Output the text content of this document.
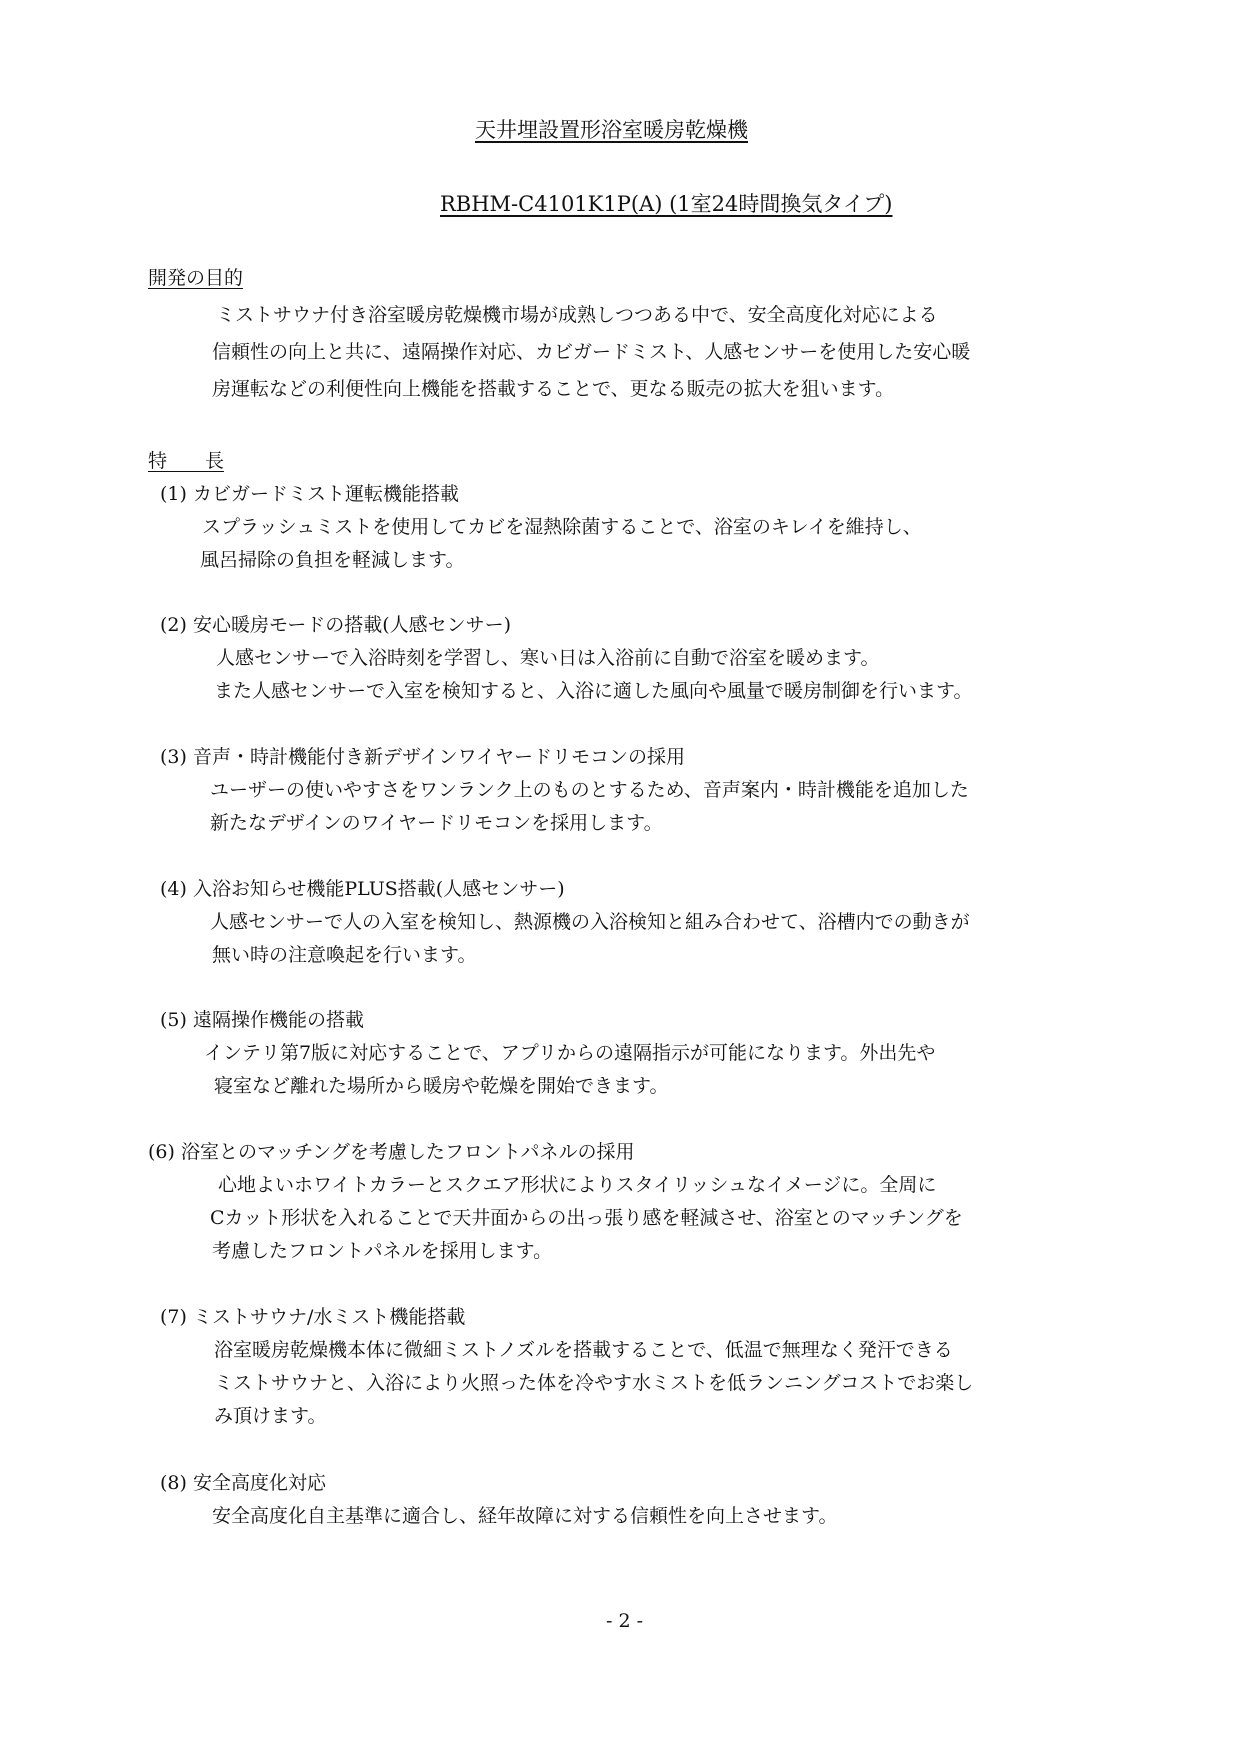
天井埋設置形浴室暖房乾燥機
RBHM-C4101K1P(A) (1室24時間換気タイプ)
開発の目的
ミストサウナ付き浴室暖房乾燥機市場が成熟しつつある中で、安全高度化対応による
信頼性の向上と共に、遠隔操作対応、カビガードミスト、人感センサーを使用した安心暖
房運転などの利便性向上機能を搭載することで、更なる販売の拡大を狙います。
特　　長
(1) カビガードミスト運転機能搭載
スプラッシュミストを使用してカビを湿熱除菌することで、浴室のキレイを維持し、
風呂掃除の負担を軽減します。
(2) 安心暖房モードの搭載(人感センサー)
人感センサーで入浴時刻を学習し、寒い日は入浴前に自動で浴室を暖めます。
また人感センサーで入室を検知すると、入浴に適した風向や風量で暖房制御を行います。
(3) 音声・時計機能付き新デザインワイヤードリモコンの採用
ユーザーの使いやすさをワンランク上のものとするため、音声案内・時計機能を追加した
新たなデザインのワイヤードリモコンを採用します。
(4) 入浴お知らせ機能PLUS搭載(人感センサー)
人感センサーで人の入室を検知し、熱源機の入浴検知と組み合わせて、浴槽内での動きが
無い時の注意喚起を行います。
(5) 遠隔操作機能の搭載
インテリ第7版に対応することで、アプリからの遠隔指示が可能になります。外出先や
寝室など離れた場所から暖房や乾燥を開始できます。
(6) 浴室とのマッチングを考慮したフロントパネルの採用
心地よいホワイトカラーとスクエア形状によりスタイリッシュなイメージに。全周に
Cカット形状を入れることで天井面からの出っ張り感を軽減させ、浴室とのマッチングを
考慮したフロントパネルを採用します。
(7) ミストサウナ/水ミスト機能搭載
浴室暖房乾燥機本体に微細ミストノズルを搭載することで、低温で無理なく発汗できる
ミストサウナと、入浴により火照った体を冷やす水ミストを低ランニングコストでお楽し
み頂けます。
(8) 安全高度化対応
安全高度化自主基準に適合し、経年故障に対する信頼性を向上させます。
- 2 -
